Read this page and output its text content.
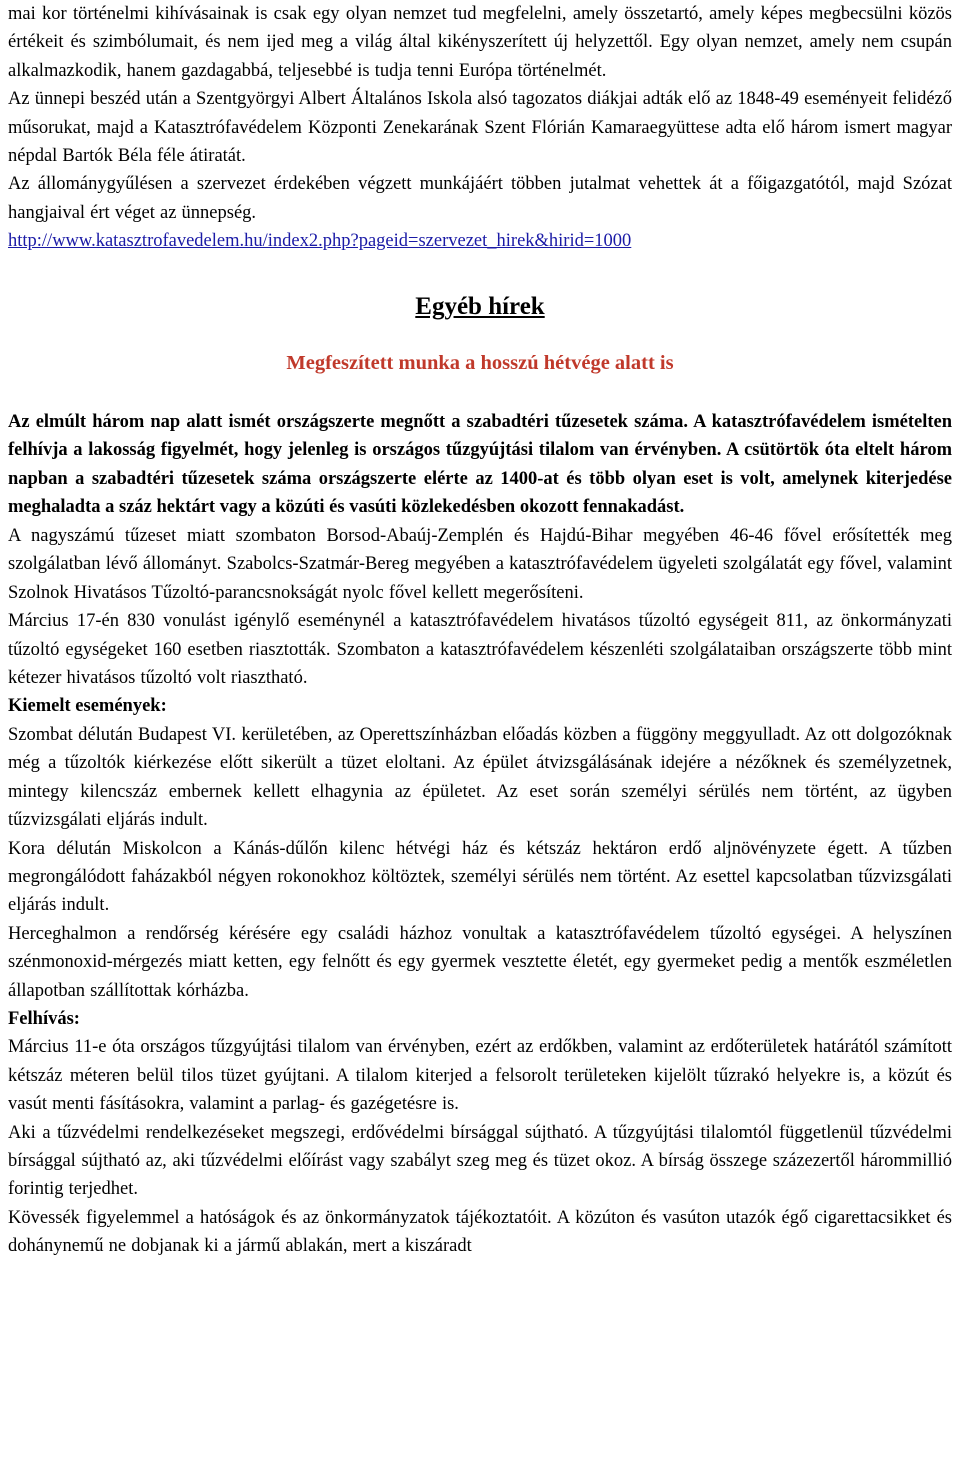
mai kor történelmi kihívásainak is csak egy olyan nemzet tud megfelelni, amely összetartó, amely képes megbecsülni közös értékeit és szimbólumait, és nem ijed meg a világ által kikényszerített új helyzettől. Egy olyan nemzet, amely nem csupán alkalmazkodik, hanem gazdagabbá, teljesebbé is tudja tenni Európa történelmét.

Az ünnepi beszéd után a Szentgyörgyi Albert Általános Iskola alsó tagozatos diákjai adták elő az 1848-49 eseményeit felidéző műsorukat, majd a Katasztrófavédelem Központi Zenekarának Szent Flórián Kamaraegyüttese adta elő három ismert magyar népdal Bartók Béla féle átiratát.

Az állománygyűlésen a szervezet érdekében végzett munkájáért többen jutalmat vehettek át a főigazgatótól, majd Szózat hangjaival ért véget az ünnepség.

http://www.katasztrofavedelem.hu/index2.php?pageid=szervezet_hirek&hirid=1000

Egyéb hírek
Megfeszített munka a hosszú hétvége alatt is

Az elmúlt három nap alatt ismét országszerte megnőtt a szabadtéri tűzesetek száma. A katasztrófavédelem ismételten felhívja a lakosság figyelmét, hogy jelenleg is országos tűzgyújtási tilalom van érvényben. A csütörtök óta eltelt három napban a szabadtéri tűzesetek száma országszerte elérte az 1400-at és több olyan eset is volt, amelynek kiterjedése meghaladta a száz hektárt vagy a közúti és vasúti közlekedésben okozott fennakadást.

A nagyszámú tűzeset miatt szombaton Borsod-Abaúj-Zemplén és Hajdú-Bihar megyében 46-46 fővel erősítették meg szolgálatban lévő állományt. Szabolcs-Szatmár-Bereg megyében a katasztrófavédelem ügyeleti szolgálatát egy fővel, valamint Szolnok Hivatásos Tűzoltó-parancsnokságát nyolc fővel kellett megerősíteni.

Március 17-én 830 vonulást igénylő eseménynél a katasztrófavédelem hivatásos tűzoltó egységeit 811, az önkormányzati tűzoltó egységeket 160 esetben riasztották. Szombaton a katasztrófavédelem készenléti szolgálataiban országszerte több mint kétezer hivatásos tűzoltó volt riasztható.

Kiemelt események:

Szombat délután Budapest VI. kerületében, az Operettszínházban előadás közben a függöny meggyulladt. Az ott dolgozóknak még a tűzoltók kiérkezése előtt sikerült a tüzet eloltani. Az épület átvizsgálásának idejére a nézőknek és személyzetnek, mintegy kilencszáz embernek kellett elhagynia az épületet. Az eset során személyi sérülés nem történt, az ügyben tűzvizsgálati eljárás indult.

Kora délután Miskolcon a Kánás-dűlőn kilenc hétvégi ház és kétszáz hektáron erdő aljnövényzete égett. A tűzben megrongálódott faházakból négyen rokonokhoz költöztek, személyi sérülés nem történt. Az esettel kapcsolatban tűzvizsgálati eljárás indult.

Herceghalmon a rendőrség kérésére egy családi házhoz vonultak a katasztrófavédelem tűzoltó egységei. A helyszínen szénmonoxid-mérgezés miatt ketten, egy felnőtt és egy gyermek vesztette életét, egy gyermeket pedig a mentők eszméletlen állapotban szállítottak kórházba.

Felhívás:

Március 11-e óta országos tűzgyújtási tilalom van érvényben, ezért az erdőkben, valamint az erdőterületek határától számított kétszáz méteren belül tilos tüzet gyújtani. A tilalom kiterjed a felsorolt területeken kijelölt tűzrakó helyekre is, a közút és vasút menti fásításokra, valamint a parlag- és gazégetésre is.

Aki a tűzvédelmi rendelkezéseket megszegi, erdővédelmi bírsággal sújtható. A tűzgyújtási tilalomtól függetlenül tűzvédelmi bírsággal sújtható az, aki tűzvédelmi előírást vagy szabályt szeg meg és tüzet okoz. A bírság összege százezertől hárommillió forintig terjedhet.

Kövessék figyelemmel a hatóságok és az önkormányzatok tájékoztatóit. A közúton és vasúton utazók égő cigarettacsikket és dohánynemű ne dobjanak ki a jármű ablakán, mert a kiszáradt
